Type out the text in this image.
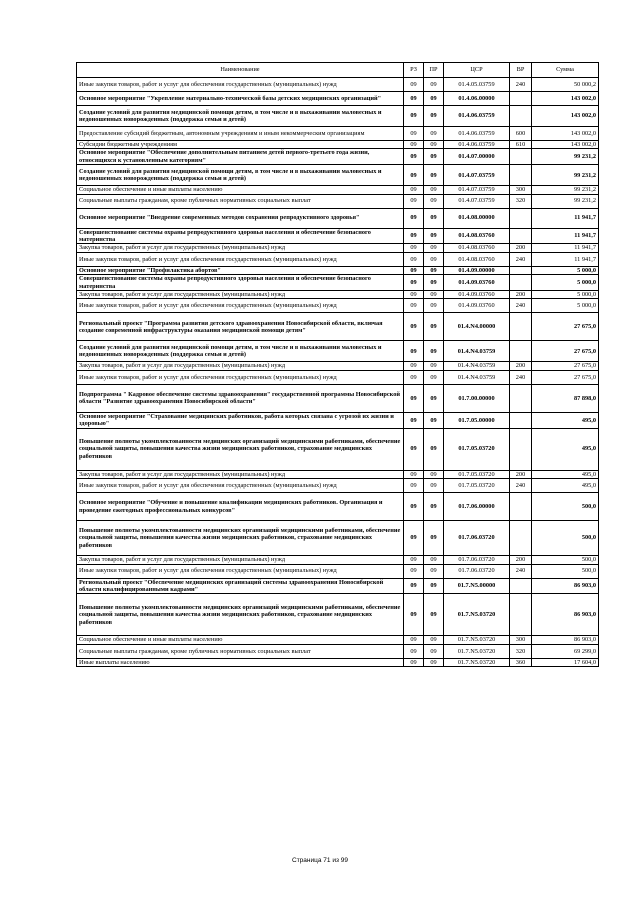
Наименование	РЗ	ПР	ЦСР	ВР	Сумма
Иные закупки товаров, работ и услуг для обеспечения государственных (муниципальных) нужд	09	09	01.4.05.03759	240	50 000,2
Основное мероприятие "Укрепление материально-технической базы детских медицинских организаций"	09	09	01.4.06.00000		143 002,0
Создание условий для развития медицинской помощи детям, в том числе и в выхаживании маловесных и недоношенных новорожденных (поддержка семьи и детей)	09	09	01.4.06.03759		143 002,0
Предоставление субсидий бюджетным, автономным учреждениям и иным некоммерческим организациям	09	09	01.4.06.03759	600	143 002,0
Субсидии бюджетным учреждениям	09	09	01.4.06.03759	610	143 002,0
Основное мероприятие "Обеспечение дополнительным питанием детей первого-третьего года жизни, относящихся к установленным категориям"	09	09	01.4.07.00000		99 231,2
Создание условий для развития медицинской помощи детям, в том числе и в выхаживании маловесных и недоношенных новорожденных (поддержка семьи и детей)	09	09	01.4.07.03759		99 231,2
Социальное обеспечение и иные выплаты населению	09	09	01.4.07.03759	300	99 231,2
Социальные выплаты гражданам, кроме публичных нормативных социальных выплат	09	09	01.4.07.03759	320	99 231,2
Основное мероприятие "Внедрение современных методов сохранения репродуктивного здоровья"	09	09	01.4.08.00000		11 941,7
Совершенствование системы охраны репродуктивного здоровья населения и обеспечение безопасного материнства	09	09	01.4.08.03760		11 941,7
Закупка товаров, работ и услуг для государственных (муниципальных) нужд	09	09	01.4.08.03760	200	11 941,7
Иные закупки товаров, работ и услуг для обеспечения государственных (муниципальных) нужд	09	09	01.4.08.03760	240	11 941,7
Основное мероприятие "Профилактика абортов"	09	09	01.4.09.00000		5 000,0
Совершенствование системы охраны репродуктивного здоровья населения и обеспечение безопасного материнства	09	09	01.4.09.03760		5 000,0
Закупка товаров, работ и услуг для государственных (муниципальных) нужд	09	09	01.4.09.03760	200	5 000,0
Иные закупки товаров, работ и услуг для обеспечения государственных (муниципальных) нужд	09	09	01.4.09.03760	240	5 000,0
Региональный проект "Программа развития детского здравоохранения Новосибирской области, включая создание современной инфраструктуры оказания медицинской помощи детям"	09	09	01.4.N4.00000		27 675,0
Создание условий для развития медицинской помощи детям, в том числе и в выхаживании маловесных и недоношенных новорожденных (поддержка семьи и детей)	09	09	01.4.N4.03759		27 675,0
Закупка товаров, работ и услуг для государственных (муниципальных) нужд	09	09	01.4.N4.03759	200	27 675,0
Иные закупки товаров, работ и услуг для обеспечения государственных (муниципальных) нужд	09	09	01.4.N4.03759	240	27 675,0
Подпрограмма " Кадровое обеспечение системы здравоохранения" государственной программы Новосибирской области "Развитие здравоохранения Новосибирской области"	09	09	01.7.00.00000		87 898,0
Основное мероприятие "Страхование медицинских работников, работа которых связана с угрозой их жизни и здоровью"	09	09	01.7.05.00000		495,0
Повышение полноты укомплектованности медицинских организаций медицинскими работниками, обеспечение социальной защиты, повышения качества жизни медицинских работников, страхование медицинских работников	09	09	01.7.05.03720		495,0
Закупка товаров, работ и услуг для государственных (муниципальных) нужд	09	09	01.7.05.03720	200	495,0
Иные закупки товаров, работ и услуг для обеспечения государственных (муниципальных) нужд	09	09	01.7.05.03720	240	495,0
Основное мероприятие "Обучение и повышение квалификации медицинских работников. Организация и проведение ежегодных профессиональных конкурсов"	09	09	01.7.06.00000		500,0
Повышение полноты укомплектованности медицинских организаций медицинскими работниками, обеспечение социальной защиты, повышения качества жизни медицинских работников, страхование медицинских работников	09	09	01.7.06.03720		500,0
Закупка товаров, работ и услуг для государственных (муниципальных) нужд	09	09	01.7.06.03720	200	500,0
Иные закупки товаров, работ и услуг для обеспечения государственных (муниципальных) нужд	09	09	01.7.06.03720	240	500,0
Региональный проект "Обеспечение медицинских организаций системы здравоохранения Новосибирской области квалифицированными кадрами"	09	09	01.7.N5.00000		86 903,0
Повышение полноты укомплектованности медицинских организаций медицинскими работниками, обеспечение социальной защиты, повышения качества жизни медицинских работников, страхование медицинских работников	09	09	01.7.N5.03720		86 903,0
Социальное обеспечение и иные выплаты населению	09	09	01.7.N5.03720	300	86 903,0
Социальные выплаты гражданам, кроме публичных нормативных социальных выплат	09	09	01.7.N5.03720	320	69 299,0
Иные выплаты населению	09	09	01.7.N5.03720	360	17 604,0
Страница 71 из 99
